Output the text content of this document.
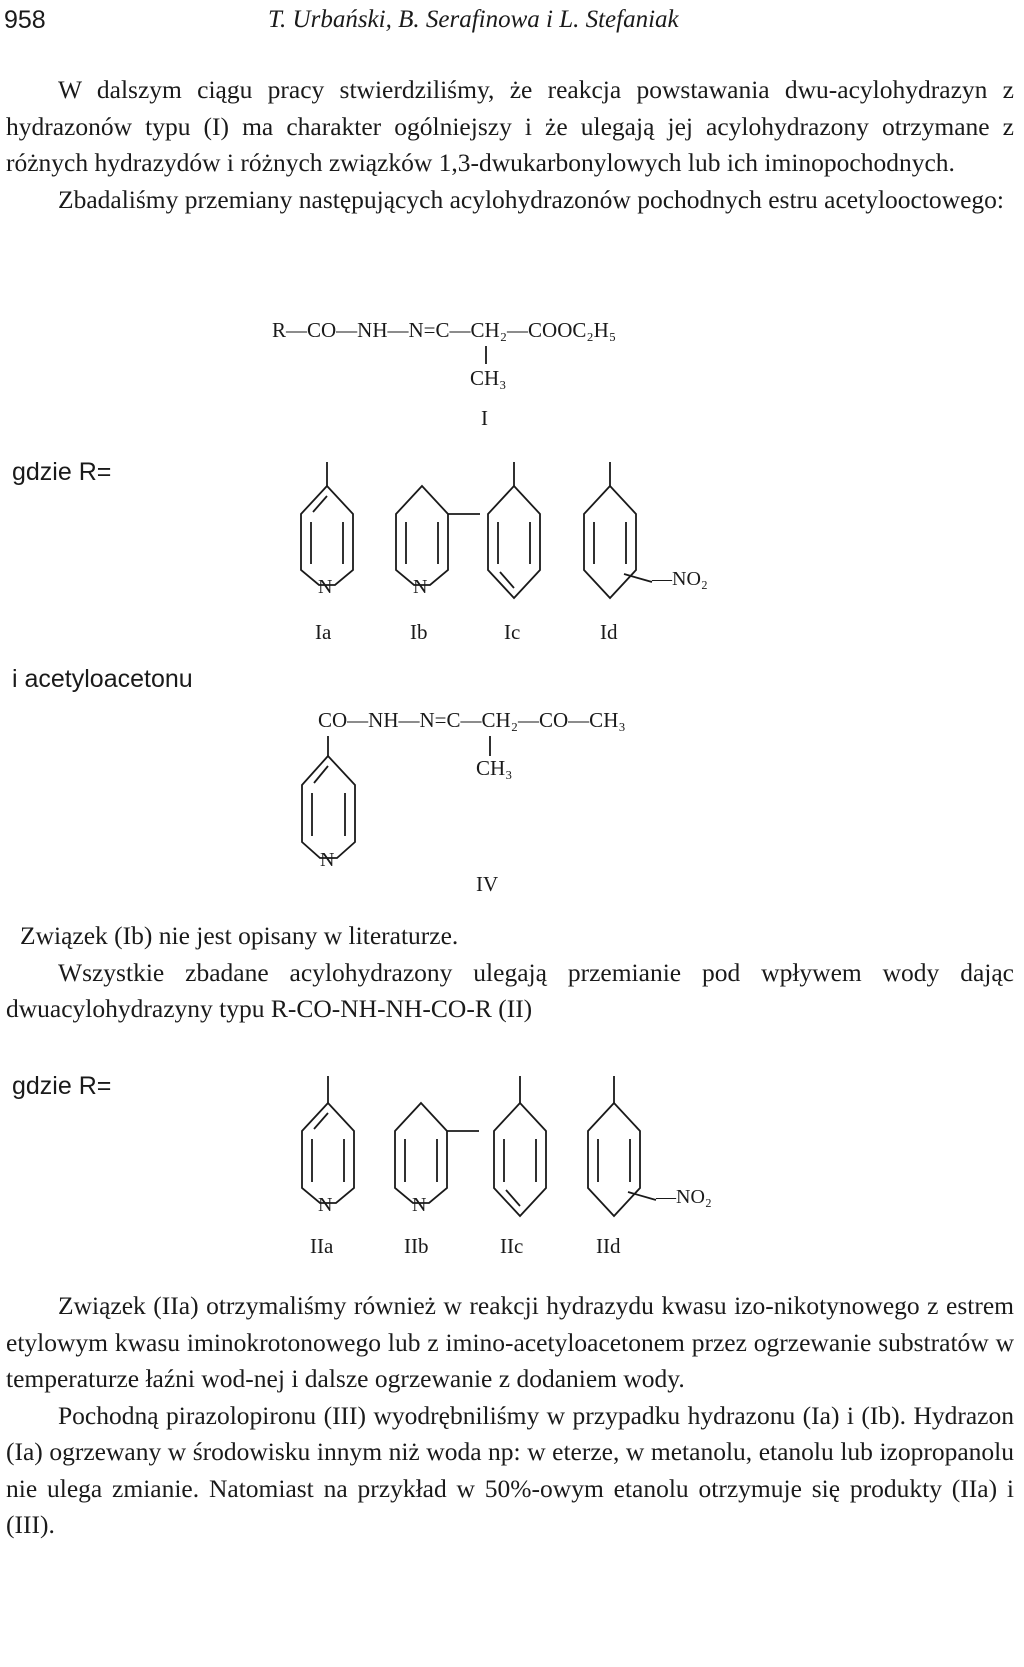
958	T. Urbański, B. Serafinowa i L. Stefaniak

W dalszym ciągu pracy stwierdziliśmy, że reakcja powstawania dwu-acylohydrazyn z hydrazonów typu (I) ma charakter ogólniejszy i że ulegają jej acylohydrazony otrzymane z różnych hydrazydów i różnych związków 1,3-dwukarbonylowych lub ich iminopochodnych.

Zbadaliśmy przemiany następujących acylohydrazonów pochodnych estru acetylooctowego:

R—CO—NH—N=C—CH₂—COOC₂H₅
CH₃
I
gdzie R=
N	N	—NO₂
Ia	Ib	Ic	Id
i acetyloacetonu
CO—NH—N=C—CH₂—CO—CH₃
CH₃
N
IV

Związek (Ib) nie jest opisany w literaturze.

Wszystkie zbadane acylohydrazony ulegają przemianie pod wpływem wody dając dwuacylohydrazyny typu R-CO-NH-NH-CO-R (II)

gdzie R=
N	N	—NO₂
IIa	IIb	IIc	IId

Związek (IIa) otrzymaliśmy również w reakcji hydrazydu kwasu izo-nikotynowego z estrem etylowym kwasu iminokrotonowego lub z imino-acetyloacetonem przez ogrzewanie substratów w temperaturze łaźni wod-nej i dalsze ogrzewanie z dodaniem wody.

Pochodną pirazolopironu (III) wyodrębniliśmy w przypadku hydrazonu (Ia) i (Ib). Hydrazon (Ia) ogrzewany w środowisku innym niż woda np: w eterze, w metanolu, etanolu lub izopropanolu nie ulega zmianie. Natomiast na przykład w 50%-owym etanolu otrzymuje się produkty (IIa) i (III).
